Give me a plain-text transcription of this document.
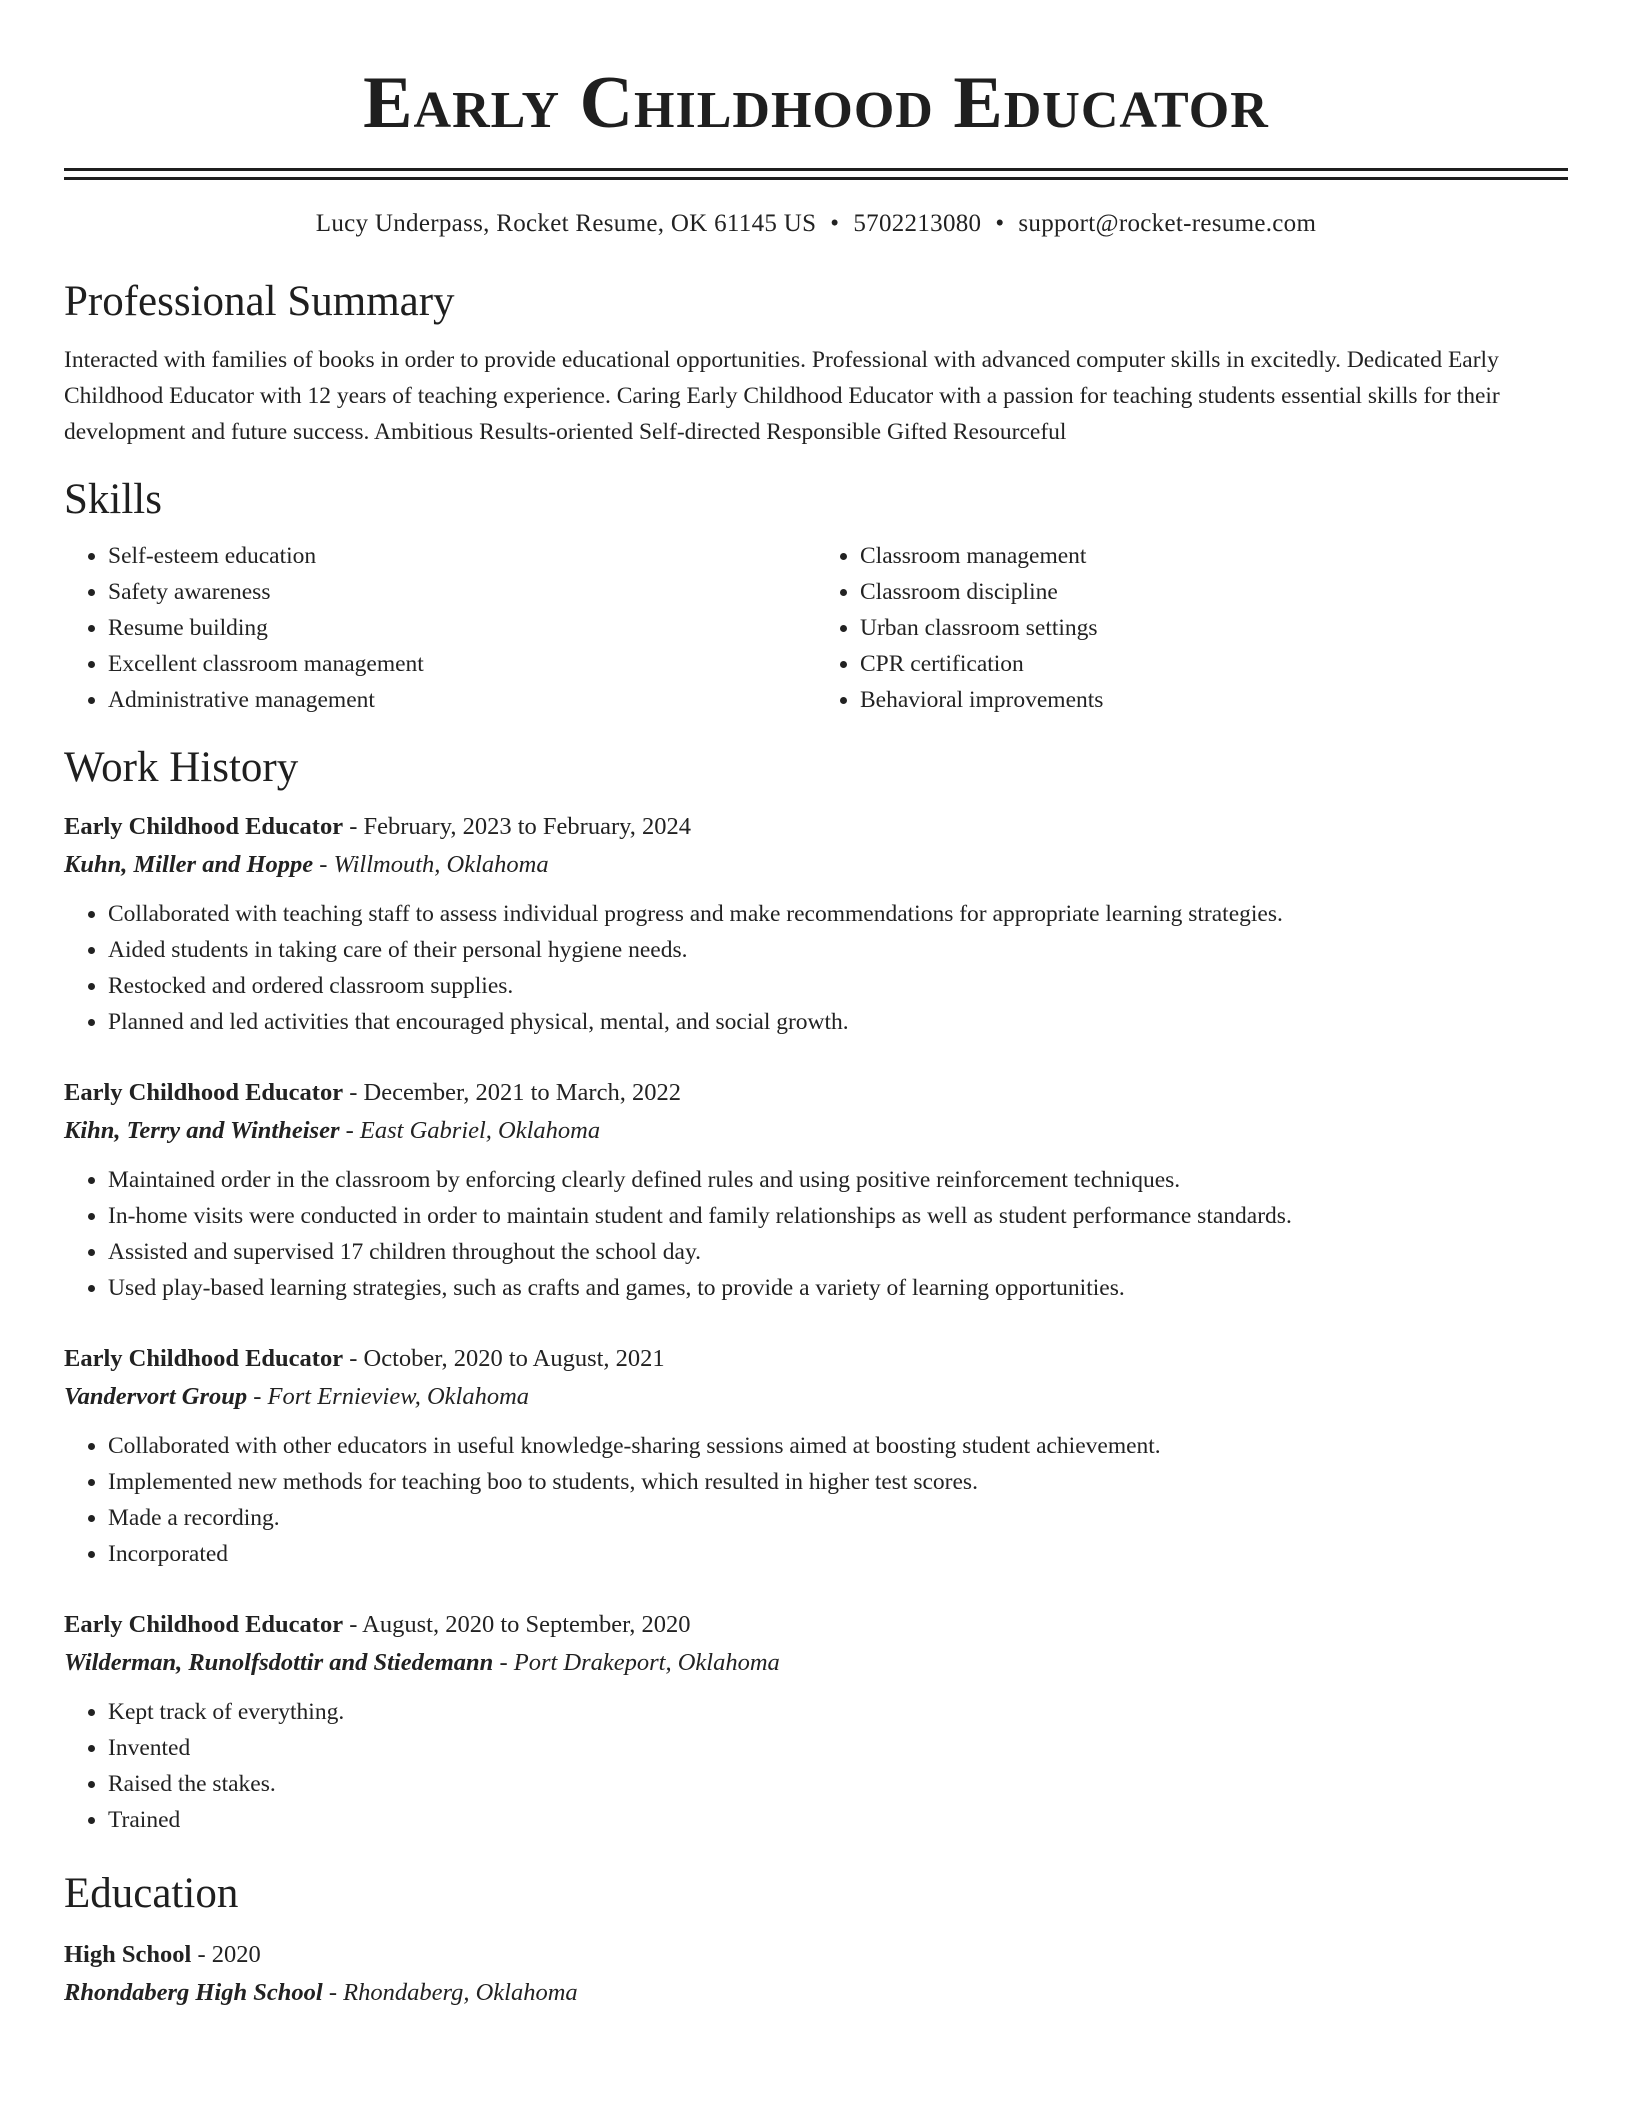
Early Childhood Educator
Lucy Underpass, Rocket Resume, OK 61145 US • 5702213080 • support@rocket-resume.com
Professional Summary

Interacted with families of books in order to provide educational opportunities. Professional with advanced computer skills in excitedly. Dedicated Early Childhood Educator with 12 years of teaching experience. Caring Early Childhood Educator with a passion for teaching students essential skills for their development and future success. Ambitious Results-oriented Self-directed Responsible Gifted Resourceful

Skills
• Self-esteem education
• Safety awareness
• Resume building
• Excellent classroom management
• Administrative management
• Classroom management
• Classroom discipline
• Urban classroom settings
• CPR certification
• Behavioral improvements
Work History
Early Childhood Educator - February, 2023 to February, 2024
Kuhn, Miller and Hoppe - Willmouth, Oklahoma
• Collaborated with teaching staff to assess individual progress and make recommendations for appropriate learning strategies.
• Aided students in taking care of their personal hygiene needs.
• Restocked and ordered classroom supplies.
• Planned and led activities that encouraged physical, mental, and social growth.
Early Childhood Educator - December, 2021 to March, 2022
Kihn, Terry and Wintheiser - East Gabriel, Oklahoma
• Maintained order in the classroom by enforcing clearly defined rules and using positive reinforcement techniques.
• In-home visits were conducted in order to maintain student and family relationships as well as student performance standards.
• Assisted and supervised 17 children throughout the school day.
• Used play-based learning strategies, such as crafts and games, to provide a variety of learning opportunities.
Early Childhood Educator - October, 2020 to August, 2021
Vandervort Group - Fort Ernieview, Oklahoma
• Collaborated with other educators in useful knowledge-sharing sessions aimed at boosting student achievement.
• Implemented new methods for teaching boo to students, which resulted in higher test scores.
• Made a recording.
• Incorporated
Early Childhood Educator - August, 2020 to September, 2020
Wilderman, Runolfsdottir and Stiedemann - Port Drakeport, Oklahoma
• Kept track of everything.
• Invented
• Raised the stakes.
• Trained
Education
High School - 2020
Rhondaberg High School - Rhondaberg, Oklahoma
